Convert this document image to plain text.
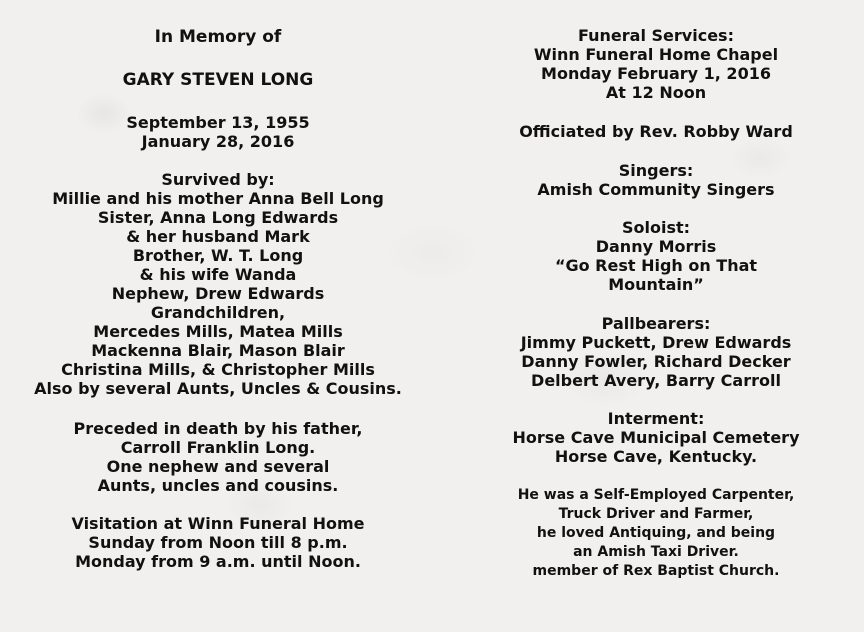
In Memory of
GARY STEVEN LONG
September 13, 1955
January 28, 2016
Survived by:
Millie and his mother Anna Bell Long
Sister, Anna Long Edwards
& her husband Mark
Brother, W. T. Long
& his wife Wanda
Nephew, Drew Edwards
Grandchildren,
Mercedes Mills, Matea Mills
Mackenna Blair, Mason Blair
Christina Mills, & Christopher Mills
Also by several Aunts, Uncles & Cousins.
Preceded in death by his father,
Carroll Franklin Long.
One nephew and several
Aunts, uncles and cousins.
Visitation at Winn Funeral Home
Sunday from Noon till 8 p.m.
Monday from 9 a.m. until Noon.
Funeral Services:
Winn Funeral Home Chapel
Monday February 1, 2016
At 12 Noon
Officiated by Rev. Robby Ward
Singers:
Amish Community Singers
Soloist:
Danny Morris
“Go Rest High on That
Mountain”
Pallbearers:
Jimmy Puckett, Drew Edwards
Danny Fowler, Richard Decker
Delbert Avery, Barry Carroll
Interment:
Horse Cave Municipal Cemetery
Horse Cave, Kentucky.
He was a Self-Employed Carpenter,
Truck Driver and Farmer,
he loved Antiquing, and being
an Amish Taxi Driver.
member of Rex Baptist Church.
